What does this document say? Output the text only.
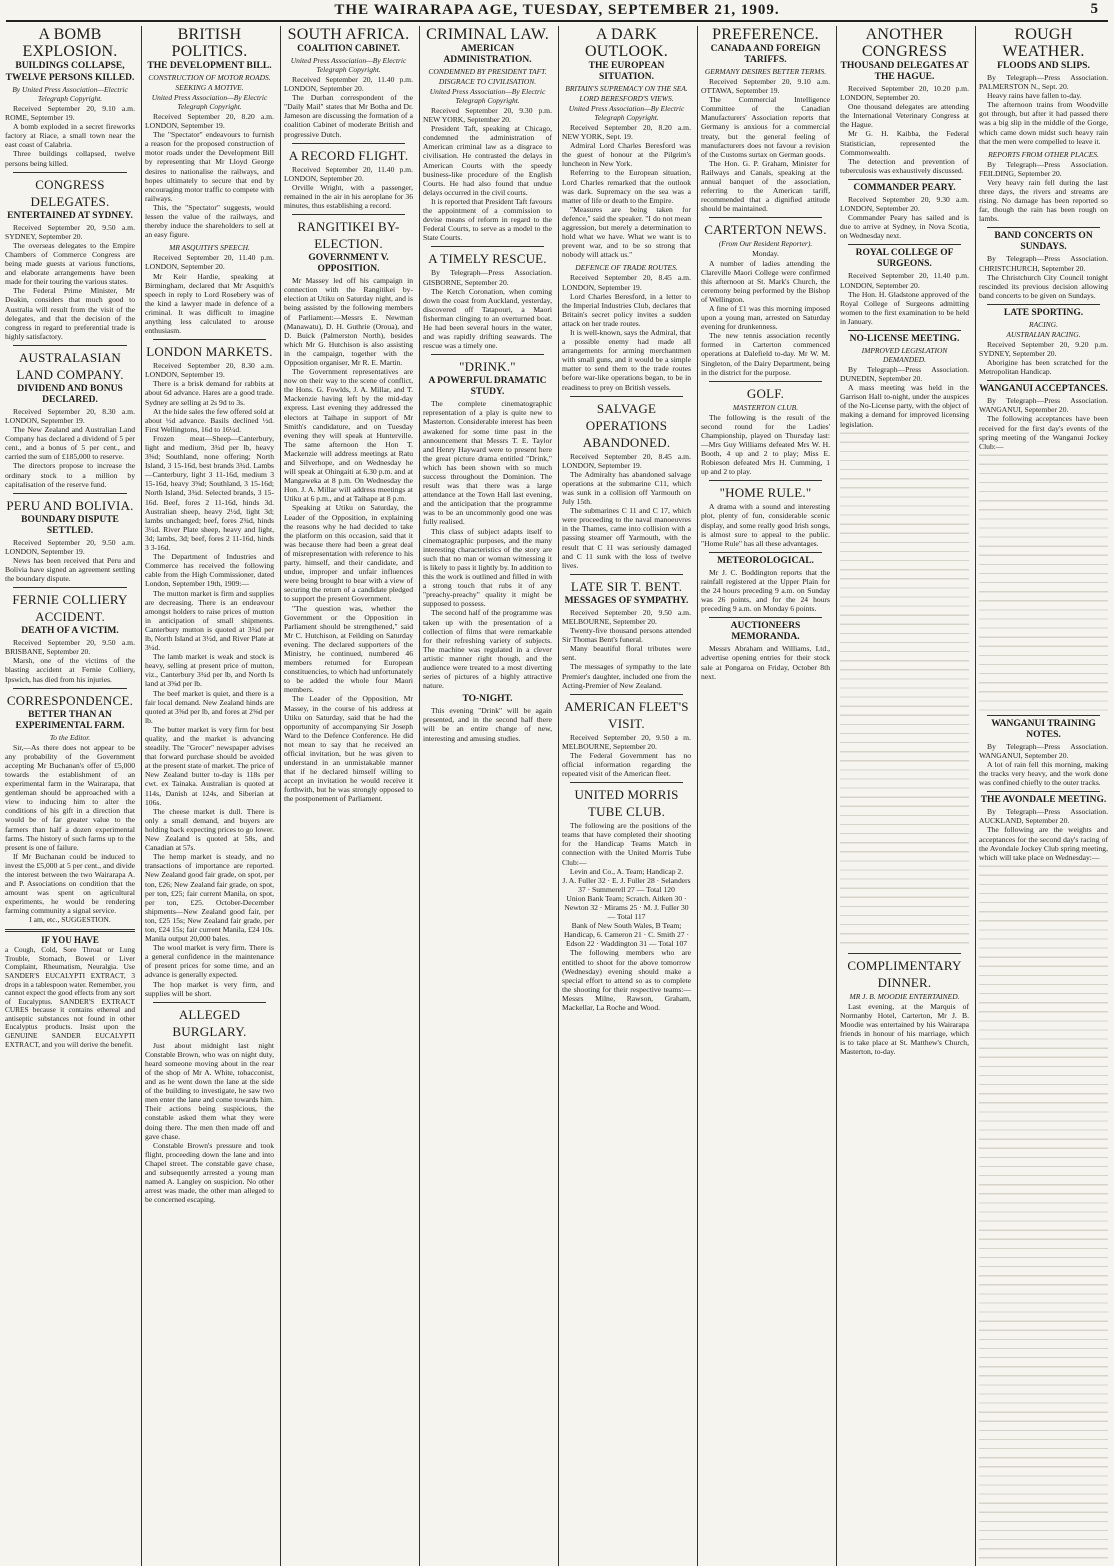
THE WAIRARAPA AGE, TUESDAY, SEPTEMBER 21, 1909.	5
A BOMB EXPLOSION.
BUILDINGS COLLAPSE,
TWELVE PERSONS KILLED.
By United Press Association—Electric Telegraph Copyright.

Received September 20, 9.10 a.m. ROME, September 19.

A bomb exploded in a secret fireworks factory at Riace, a small town near the east coast of Calabria.

Three buildings collapsed, twelve persons being killed.

CONGRESS DELEGATES.
ENTERTAINED AT SYDNEY.

Received September 20, 9.50 a.m. SYDNEY, September 20.

The overseas delegates to the Empire Chambers of Commerce Congress are being made guests at various functions, and elaborate arrangements have been made for their touring the various states.

The Federal Prime Minister, Mr Deakin, considers that much good to Australia will result from the visit of the delegates, and that the decision of the congress in regard to preferential trade is highly satisfactory.

AUSTRALASIAN LAND COMPANY.
DIVIDEND AND BONUS DECLARED.

Received September 20, 8.30 a.m. LONDON, September 19.

The New Zealand and Australian Land Company has declared a dividend of 5 per cent., and a bonus of 5 per cent., and carried the sum of £185,000 to reserve.

The directors propose to increase the ordinary stock to a million by capitalisation of the reserve fund.

PERU AND BOLIVIA.
BOUNDARY DISPUTE SETTLED.

Received September 20, 9.50 a.m. LONDON, September 19.

News has been received that Peru and Bolivia have signed an agreement settling the boundary dispute.

FERNIE COLLIERY ACCIDENT.
DEATH OF A VICTIM.

Received September 20, 9.50 a.m. BRISBANE, September 20.

Marsh, one of the victims of the blasting accident at Fernie Colliery, Ipswich, has died from his injuries.

CORRESPONDENCE.
BETTER THAN AN EXPERIMENTAL FARM.
To the Editor.

Sir,—As there does not appear to be any probability of the Government accepting Mr Buchanan's offer of £5,000 towards the establishment of an experimental farm in the Wairarapa, that gentleman should be approached with a view to inducing him to alter the conditions of his gift in a direction that would be of far greater value to the farmers than half a dozen experimental farms. The history of such farms up to the present is one of failure.

If Mr Buchanan could be induced to invest the £5,000 at 5 per cent., and divide the interest between the two Wairarapa A. and P. Associations on condition that the amount was spent on agricultural experiments, he would be rendering farming community a signal service.

I am, etc., SUGGESTION.

IF YOU HAVE
a Cough, Cold, Sore Throat or Lung Trouble, Stomach, Bowel or Liver Complaint, Rheumatism, Neuralgia. Use SANDER'S EUCALYPTI EXTRACT, 3 drops in a tablespoon water. Remember, you cannot expect the good effects from any sort of Eucalyptus. SANDER'S EXTRACT CURES because it contains ethereal and antiseptic substances not found in other Eucalyptus products. Insist upon the GENUINE SANDER EUCALYPTI EXTRACT, and you will derive the benefit.
BRITISH POLITICS.
THE DEVELOPMENT BILL.
CONSTRUCTION OF MOTOR ROADS.
SEEKING A MOTIVE.
United Press Association—By Electric Telegraph Copyright.

Received September 20, 8.20 a.m. LONDON, September 19.

The "Spectator" endeavours to furnish a reason for the proposed construction of motor roads under the Development Bill by representing that Mr Lloyd George desires to nationalise the railways, and hopes ultimately to secure that end by encouraging motor traffic to compete with railways.

This, the "Spectator" suggests, would lessen the value of the railways, and thereby induce the shareholders to sell at an easy figure.

MR ASQUITH'S SPEECH.

Received September 20, 11.40 p.m. LONDON, September 20.

Mr Keir Hardie, speaking at Birmingham, declared that Mr Asquith's speech in reply to Lord Rosebery was of the kind a lawyer made in defence of a criminal. It was difficult to imagine anything less calculated to arouse enthusiasm.

LONDON MARKETS.

Received September 20, 8.30 a.m. LONDON, September 19.

There is a brisk demand for rabbits at about 6d advance. Hares are a good trade. Sydney are selling at 2s 9d to 3s.

At the hide sales the few offered sold at about ½d advance. Basils declined ½d. First Wellingtons, 16d to 16¼d.

Frozen meat—Sheep—Canterbury, light and medium, 3¾d per lb, heavy 3⅝d; Southland, none offering; North Island, 3 15-16d, best brands 3¾d. Lambs—Canterbury, light 3 11-16d, medium 3 15-16d, heavy 3⅝d; Southland, 3 15-16d; North Island, 3¾d. Selected brands, 3 15-16d. Beef, fores 2 11-16d, hinds 3d. Australian sheep, heavy 2½d, light 3d; lambs unchanged; beef, fores 2¾d, hinds 3¼d. River Plate sheep, heavy and light, 3d; lambs, 3d; beef, fores 2 11-16d, hinds 3 3-16d.

The Department of Industries and Commerce has received the following cable from the High Commissioner, dated London, September 19th, 1909:—

The mutton market is firm and supplies are decreasing. There is an endeavour amongst holders to raise prices of mutton in anticipation of small shipments. Canterbury mutton is quoted at 3¾d per lb, North Island at 3½d, and River Plate at 3¼d.

The lamb market is weak and stock is heavy, selling at present price of mutton, viz., Canterbury 3¾d per lb, and North Is land at 3⅝d per lb.

The beef market is quiet, and there is a fair local demand. New Zealand hinds are quoted at 3⅝d per lb, and fores at 2⅝d per lb.

The butter market is very firm for best quality, and the market is advancing steadily. The "Grocer" newspaper advises that forward purchase should be avoided at the present state of market. The price of New Zealand butter to-day is 118s per cwt. ex Tainaka. Australian is quoted at 114s, Danish at 124s, and Siberian at 106s.

The cheese market is dull. There is only a small demand, and buyers are holding back expecting prices to go lower. New Zealand is quoted at 58s, and Canadian at 57s.

The hemp market is steady, and no transactions of importance are reported. New Zealand good fair grade, on spot, per ton, £26; New Zealand fair grade, on spot, per ton, £25; fair current Manila, on spot, per ton, £25. October-December shipments—New Zealand good fair, per ton, £25 15s; New Zealand fair grade, per ton, £24 15s; fair current Manila, £24 10s. Manila output 20,000 bales.

The wool market is very firm. There is a general confidence in the maintenance of present prices for some time, and an advance is generally expected.

The hop market is very firm, and supplies will be short.

ALLEGED BURGLARY.

Just about midnight last night Constable Brown, who was on night duty, heard someone moving about in the rear of the shop of Mr A. White, tobacconist, and as he went down the lane at the side of the building to investigate, he saw two men enter the lane and come towards him. Their actions being suspicious, the constable asked them what they were doing there. The men then made off and gave chase.

Constable Brown's pressure and took flight, proceeding down the lane and into Chapel street. The constable gave chase, and subsequently arrested a young man named A. Langley on suspicion. No other arrest was made, the other man alleged to be concerned escaping.

SOUTH AFRICA.
COALITION CABINET.
United Press Association—By Electric Telegraph Copyright.

Received September 20, 11.40 p.m. LONDON, September 20.

The Durban correspondent of the "Daily Mail" states that Mr Botha and Dr. Jameson are discussing the formation of a coalition Cabinet of moderate British and progressive Dutch.

A RECORD FLIGHT.

Received September 20, 11.40 p.m. LONDON, September 20.

Orville Wright, with a passenger, remained in the air in his aeroplane for 36 minutes, thus establishing a record.

RANGITIKEI BY-ELECTION.
GOVERNMENT V. OPPOSITION.

Mr Massey led off his campaign in connection with the Rangitikei by-election at Utiku on Saturday night, and is being assisted by the following members of Parliament:—Messrs E. Newman (Manawatu), D. H. Guthrie (Oroua), and D. Buick (Palmerston North), besides which Mr G. Hutchison is also assisting in the campaign, together with the Opposition organiser, Mr R. E. Martin.

The Government representatives are now on their way to the scene of conflict, the Hons. G. Fowlds, J. A. Millar, and T. Mackenzie having left by the mid-day express. Last evening they addressed the electors at Taihape in support of Mr Smith's candidature, and on Tuesday evening they will speak at Hunterville. The same afternoon the Hon T. Mackenzie will address meetings at Ratu and Silverhope, and on Wednesday he will speak at Ohingaiti at 6.30 p.m. and at Mangaweka at 8 p.m. On Wednesday the Hon. J. A. Millar will address meetings at Utiku at 6 p.m., and at Taihape at 8 p.m.

Speaking at Utiku on Saturday, the Leader of the Opposition, in explaining the reasons why he had decided to take the platform on this occasion, said that it was because there had been a great deal of misrepresentation with reference to his party, himself, and their candidate, and undue, improper and unfair influences were being brought to bear with a view of securing the return of a candidate pledged to support the present Government.

"The question was, whether the Government or the Opposition in Parliament should be strengthened," said Mr C. Hutchison, at Feilding on Saturday evening. The declared supporters of the Ministry, he continued, numbered 46 members returned for European constituencies, to which had unfortunately to be added the whole four Maori members.

The Leader of the Opposition, Mr Massey, in the course of his address at Utiku on Saturday, said that he had the opportunity of accompanying Sir Joseph Ward to the Defence Conference. He did not mean to say that he received an official invitation, but he was given to understand in an unmistakable manner that if he declared himself willing to accept an invitation he would receive it forthwith, but he was strongly opposed to the postponement of Parliament.

CRIMINAL LAW.
AMERICAN ADMINISTRATION.
CONDEMNED BY PRESIDENT TAFT.
DISGRACE TO CIVILISATION.
United Press Association—By Electric Telegraph Copyright.

Received September 20, 9.30 p.m. NEW YORK, September 20.

President Taft, speaking at Chicago, condemned the administration of American criminal law as a disgrace to civilisation. He contrasted the delays in American Courts with the speedy business-like procedure of the English Courts. He had also found that undue delays occurred in the civil courts.

It is reported that President Taft favours the appointment of a commission to devise means of reform in regard to the Federal Courts, to serve as a model to the State Courts.

A TIMELY RESCUE.

By Telegraph—Press Association. GISBORNE, September 20.

The Ketch Coronation, when coming down the coast from Auckland, yesterday, discovered off Tatapouri, a Maori fisherman clinging to an overturned boat. He had been several hours in the water, and was rapidly drifting seawards. The rescue was a timely one.

"DRINK."
A POWERFUL DRAMATIC STUDY.

The complete cinematographic representation of a play is quite new to Masterton. Considerable interest has been awakened for some time past in the announcement that Messrs T. E. Taylor and Henry Hayward were to present here the great picture drama entitled "Drink," which has been shown with so much success throughout the Dominion. The result was that there was a large attendance at the Town Hall last evening, and the anticipation that the programme was to be an uncommonly good one was fully realised.

This class of subject adapts itself to cinematographic purposes, and the many interesting characteristics of the story are such that no man or woman witnessing it is likely to pass it lightly by. In addition to this the work is outlined and filled in with a strong touch that rubs it of any "preachy-preachy" quality it might be supposed to possess.

The second half of the programme was taken up with the presentation of a collection of films that were remarkable for their refreshing variety of subjects. The machine was regulated in a clever artistic manner right though, and the audience were treated to a most diverting series of pictures of a highly attractive nature.

TO-NIGHT.

This evening "Drink" will be again presented, and in the second half there will be an entire change of new, interesting and amusing studies.

A DARK OUTLOOK.
THE EUROPEAN SITUATION.
BRITAIN'S SUPREMACY ON THE SEA.
LORD BERESFORD'S VIEWS.
United Press Association—By Electric Telegraph Copyright.

Received September 20, 8.20 a.m. NEW YORK, Sept. 19.

Admiral Lord Charles Beresford was the guest of honour at the Pilgrim's luncheon in New York.

Referring to the European situation, Lord Charles remarked that the outlook was dark. Supremacy on the sea was a matter of life or death to the Empire.

"Measures are being taken for defence," said the speaker. "I do not mean aggression, but merely a determination to hold what we have. What we want is to prevent war, and to be so strong that nobody will attack us."

DEFENCE OF TRADE ROUTES.

Received September 20, 8.45 a.m. LONDON, September 19.

Lord Charles Beresford, in a letter to the Imperial Industries Club, declares that Britain's secret policy invites a sudden attack on her trade routes.

It is well-known, says the Admiral, that a possible enemy had made all arrangements for arming merchantmen with small guns, and it would be a simple matter to send them to the trade routes before war-like operations began, to be in readiness to prey on British vessels.

SALVAGE OPERATIONS ABANDONED.

Received September 20, 8.45 a.m. LONDON, September 19.

The Admiralty has abandoned salvage operations at the submarine C11, which was sunk in a collision off Yarmouth on July 15th.

The submarines C 11 and C 17, which were proceeding to the naval manoeuvres in the Thames, came into collision with a passing steamer off Yarmouth, with the result that C 11 was seriously damaged and C 11 sunk with the loss of twelve lives.

LATE SIR T. BENT.
MESSAGES OF SYMPATHY.

Received September 20, 9.50 a.m. MELBOURNE, September 20.

Twenty-five thousand persons attended Sir Thomas Bent's funeral.

Many beautiful floral tributes were sent.

The messages of sympathy to the late Premier's daughter, included one from the Acting-Premier of New Zealand.

AMERICAN FLEET'S VISIT.

Received September 20, 9.50 a m. MELBOURNE, September 20.

The Federal Government has no official information regarding the repeated visit of the American fleet.

UNITED MORRIS TUBE CLUB.

The following are the positions of the teams that have completed their shooting for the Handicap Teams Match in connection with the United Morris Tube Club:—

Levin and Co., A. Team; Handicap 2.

J. A. Fuller 32 · E. J. Fuller 28 · Selanders 37 · Summerell 27 — Total 120

Union Bank Team; Scratch. Aitken 30 · Newton 32 · Mirams 25 · M. J. Fuller 30 — Total 117

Bank of New South Wales, B Team; Handicap, 6. Cameron 21 · C. Smith 27 · Edson 22 · Waddington 31 — Total 107

The following members who are entitled to shoot for the above tomorrow (Wednesday) evening should make a special effort to attend so as to complete the shooting for their respective teams:—Messrs Milne, Rawson, Graham, Mackellar, La Roche and Wood.

PREFERENCE.
CANADA AND FOREIGN TARIFFS.
GERMANY DESIRES BETTER TERMS.

Received September 20, 9.10 a.m. OTTAWA, September 19.

The Commercial Intelligence Committee of the Canadian Manufacturers' Association reports that Germany is anxious for a commercial treaty, but the general feeling of manufacturers does not favour a revision of the Customs surtax on German goods.

The Hon. G. P. Graham, Minister for Railways and Canals, speaking at the annual banquet of the association, referring to the American tariff, recommended that a dignified attitude should be maintained.

CARTERTON NEWS.
(From Our Resident Reporter).

Monday.

A number of ladies attending the Clareville Maori College were confirmed this afternoon at St. Mark's Church, the ceremony being performed by the Bishop of Wellington.

A fine of £1 was this morning imposed upon a young man, arrested on Saturday evening for drunkenness.

The new tennis association recently formed in Carterton commenced operations at Dalefield to-day. Mr W. M. Singleton, of the Dairy Department, being in the district for the purpose.

GOLF.
MASTERTON CLUB.

The following is the result of the second round for the Ladies' Championship, played on Thursday last:—Mrs Guy Williams defeated Mrs W. H. Booth, 4 up and 2 to play; Miss E. Robieson defeated Mrs H. Cumming, 1 up and 2 to play.

"HOME RULE."

A drama with a sound and interesting plot, plenty of fun, considerable scenic display, and some really good Irish songs, is almost sure to appeal to the public. "Home Rule" has all these advantages.

METEOROLOGICAL.

Mr J. C. Boddington reports that the rainfall registered at the Upper Plain for the 24 hours preceding 9 a.m. on Sunday was 26 points, and for the 24 hours preceding 9 a.m. on Monday 6 points.

AUCTIONEERS MEMORANDA.

Messrs Abraham and Williams, Ltd., advertise opening entries for their stock sale at Pongaroa on Friday, October 8th next.

ANOTHER CONGRESS
THOUSAND DELEGATES AT THE HAGUE.

Received September 20, 10.20 p.m. LONDON, September 20.

One thousand delegates are attending the International Veterinary Congress at the Hague.

Mr G. H. Kaibba, the Federal Statistician, represented the Commonwealth.

The detection and prevention of tuberculosis was exhaustively discussed.

COMMANDER PEARY.

Received September 20, 9.30 a.m. LONDON, September 20.

Commander Peary has sailed and is due to arrive at Sydney, in Nova Scotia, on Wednesday next.

ROYAL COLLEGE OF SURGEONS.

Received September 20, 11.40 p.m. LONDON, September 20.

The Hon. H. Gladstone approved of the Royal College of Surgeons admitting women to the first examination to be held in January.

NO-LICENSE MEETING.
IMPROVED LEGISLATION DEMANDED.

By Telegraph—Press Association. DUNEDIN, September 20.

A mass meeting was held in the Garrison Hall to-night, under the auspices of the No-License party, with the object of making a demand for improved licensing legislation.

COMPLIMENTARY DINNER.
MR J. B. MOODIE ENTERTAINED.

Last evening, at the Marquis of Normanby Hotel, Carterton, Mr J. B. Moodie was entertained by his Wairarapa friends in honour of his marriage, which is to take place at St. Matthew's Church, Masterton, to-day.

ROUGH WEATHER.
FLOODS AND SLIPS.

By Telegraph—Press Association. PALMERSTON N., Sept. 20.

Heavy rains have fallen to-day.

The afternoon trains from Woodville got through, but after it had passed there was a big slip in the middle of the Gorge, which came down midst such heavy rain that the men were compelled to leave it.

REPORTS FROM OTHER PLACES.

By Telegraph—Press Association. FEILDING, September 20.

Very heavy rain fell during the last three days, the rivers and streams are rising. No damage has been reported so far, though the rain has been rough on lambs.

BAND CONCERTS ON SUNDAYS.

By Telegraph—Press Association. CHRISTCHURCH, September 20.

The Christchurch City Council tonight rescinded its previous decision allowing band concerts to be given on Sundays.

LATE SPORTING.
RACING.
AUSTRALIAN RACING.

Received September 20, 9.20 p.m. SYDNEY, September 20.

Aborigine has been scratched for the Metropolitan Handicap.

WANGANUI ACCEPTANCES.

By Telegraph—Press Association. WANGANUI, September 20.

The following acceptances have been received for the first day's events of the spring meeting of the Wanganui Jockey Club:—

WANGANUI TRAINING NOTES.

By Telegraph—Press Association. WANGANUI, September 20.

A lot of rain fell this morning, making the tracks very heavy, and the work done was confined chiefly to the outer tracks.

THE AVONDALE MEETING.

By Telegraph—Press Association. AUCKLAND, September 20.

The following are the weights and acceptances for the second day's racing of the Avondale Jockey Club spring meeting, which will take place on Wednesday:—
